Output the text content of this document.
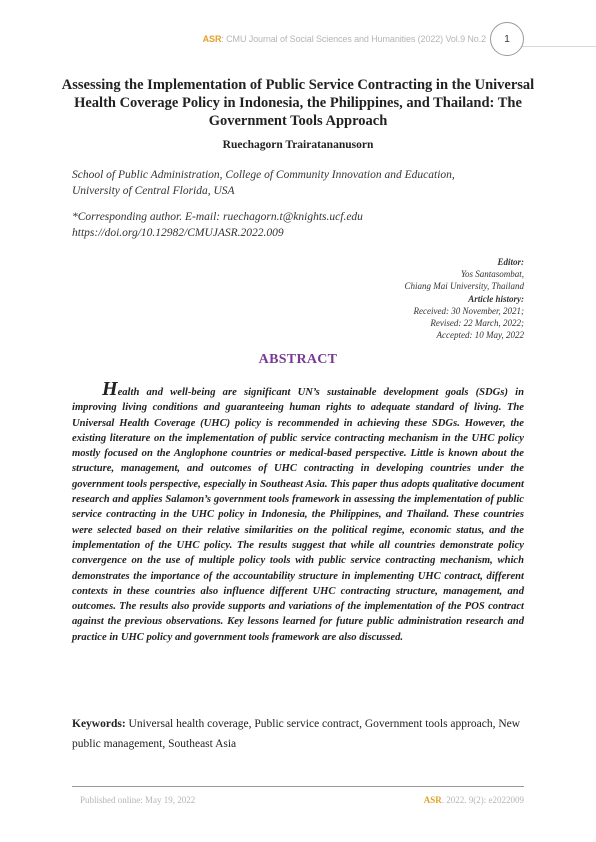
ASR: CMU Journal of Social Sciences and Humanities (2022) Vol.9 No.2	1
Assessing the Implementation of Public Service Contracting in the Universal Health Coverage Policy in Indonesia, the Philippines, and Thailand: The Government Tools Approach
Ruechagorn Trairatananusorn
School of Public Administration, College of Community Innovation and Education,
University of Central Florida, USA
*Corresponding author. E-mail: ruechagorn.t@knights.ucf.edu
https://doi.org/10.12982/CMUJASR.2022.009
Editor:
Yos Santasombat,
Chiang Mai University, Thailand
Article history:
Received: 30 November, 2021;
Revised: 22 March, 2022;
Accepted: 10 May, 2022
ABSTRACT
Health and well-being are significant UN’s sustainable development goals (SDGs) in improving living conditions and guaranteeing human rights to adequate standard of living. The Universal Health Coverage (UHC) policy is recommended in achieving these SDGs. However, the existing literature on the implementation of public service contracting mechanism in the UHC policy mostly focused on the Anglophone countries or medical-based perspective. Little is known about the structure, management, and outcomes of UHC contracting in developing countries under the government tools perspective, especially in Southeast Asia. This paper thus adopts qualitative document research and applies Salamon’s government tools framework in assessing the implementation of public service contracting in the UHC policy in Indonesia, the Philippines, and Thailand. These countries were selected based on their relative similarities on the political regime, economic status, and the implementation of the UHC policy. The results suggest that while all countries demonstrate policy convergence on the use of multiple policy tools with public service contracting mechanism, which demonstrates the importance of the accountability structure in implementing UHC contract, different contexts in these countries also influence different UHC contracting structure, management, and outcomes. The results also provide supports and variations of the implementation of the POS contract against the previous observations. Key lessons learned for future public administration research and practice in UHC policy and government tools framework are also discussed.
Keywords: Universal health coverage, Public service contract, Government tools approach, New public management, Southeast Asia
Published online: May 19, 2022	ASR. 2022. 9(2): e2022009
